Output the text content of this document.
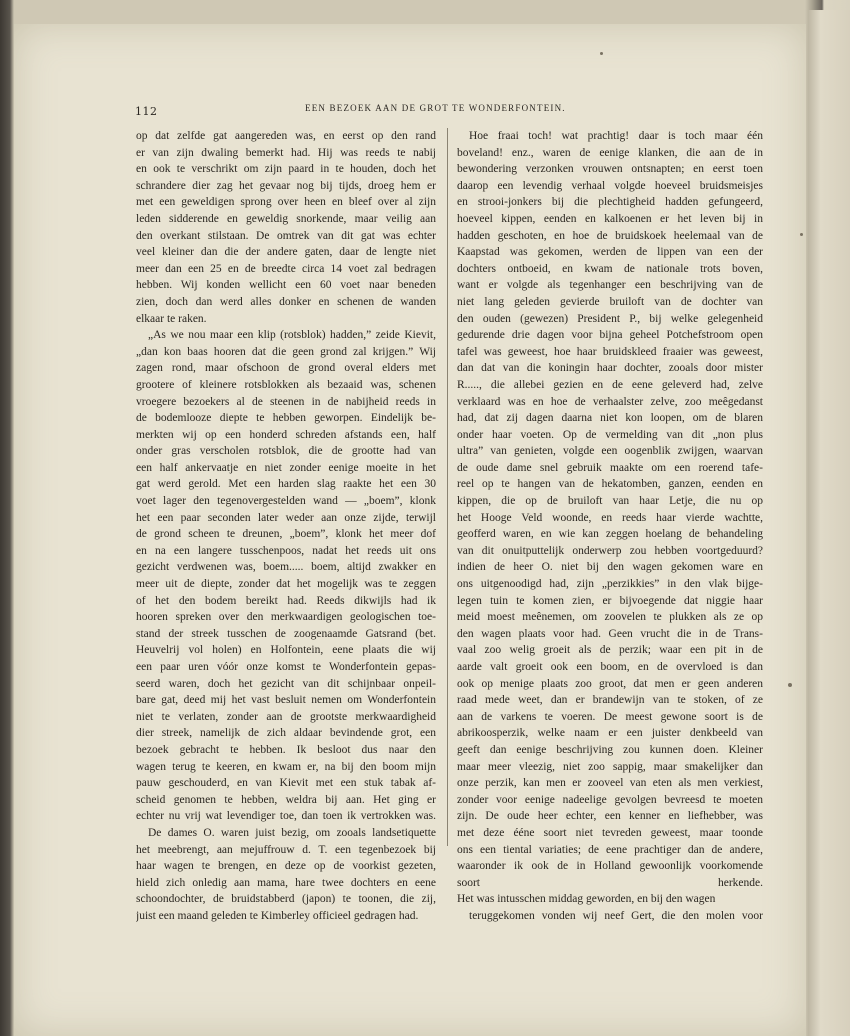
112	EEN BEZOEK AAN DE GROT TE WONDERFONTEIN.
op dat zelfde gat aangereden was, en eerst op den rand
er van zijn dwaling bemerkt had. Hij was reeds te nabij
en ook te verschrikt om zijn paard in te houden, doch het
schrandere dier zag het gevaar nog bij tijds, droeg hem er
met een geweldigen sprong over heen en bleef over al zijn
leden sidderende en geweldig snorkende, maar veilig aan
den overkant stilstaan. De omtrek van dit gat was echter
veel kleiner dan die der andere gaten, daar de lengte niet
meer dan een 25 en de breedte circa 14 voet zal bedragen
hebben. Wij konden wellicht een 60 voet naar beneden
zien, doch dan werd alles donker en schenen de wanden
elkaar te raken.
„As we nou maar een klip (rotsblok) hadden,” zeide Kievit,
„dan kon baas hooren dat die geen grond zal krijgen.” Wij
zagen rond, maar ofschoon de grond overal elders met
grootere of kleinere rotsblokken als bezaaid was, schenen
vroegere bezoekers al de steenen in de nabijheid reeds in
de bodemlooze diepte te hebben geworpen. Eindelijk be-
merkten wij op een honderd schreden afstands een, half
onder gras verscholen rotsblok, die de grootte had van
een half ankervaatje en niet zonder eenige moeite in het
gat werd gerold. Met een harden slag raakte het een 30
voet lager den tegenovergestelden wand — „boem”, klonk
het een paar seconden later weder aan onze zijde, terwijl
de grond scheen te dreunen, „boem”, klonk het meer dof
en na een langere tusschenpoos, nadat het reeds uit ons
gezicht verdwenen was, boem..... boem, altijd zwakker en
meer uit de diepte, zonder dat het mogelijk was te zeggen
of het den bodem bereikt had. Reeds dikwijls had ik
hooren spreken over den merkwaardigen geologischen toe-
stand der streek tusschen de zoogenaamde Gatsrand (bet.
Heuvelrij vol holen) en Holfontein, eene plaats die wij
een paar uren vóór onze komst te Wonderfontein gepas-
seerd waren, doch het gezicht van dit schijnbaar onpeil-
bare gat, deed mij het vast besluit nemen om Wonderfontein
niet te verlaten, zonder aan de grootste merkwaardigheid
dier streek, namelijk de zich aldaar bevindende grot, een
bezoek gebracht te hebben. Ik besloot dus naar den
wagen terug te keeren, en kwam er, na bij den boom mijn
pauw geschouderd, en van Kievit met een stuk tabak af-
scheid genomen te hebben, weldra bij aan. Het ging er
echter nu vrij wat levendiger toe, dan toen ik vertrokken was.
De dames O. waren juist bezig, om zooals landsetiquette
het meebrengt, aan mejuffrouw d. T. een tegenbezoek bij
haar wagen te brengen, en deze op de voorkist gezeten,
hield zich onledig aan mama, hare twee dochters en eene
schoondochter, de bruidstabberd (japon) te toonen, die zij,
juist een maand geleden te Kimberley officieel gedragen had.
Hoe fraai toch! wat prachtig! daar is toch maar één
boveland! enz., waren de eenige klanken, die aan de in
bewondering verzonken vrouwen ontsnapten; en eerst toen
daarop een levendig verhaal volgde hoeveel bruidsmeisjes
en strooi-jonkers bij die plechtigheid hadden gefungeerd,
hoeveel kippen, eenden en kalkoenen er het leven bij in
hadden geschoten, en hoe de bruidskoek heelemaal van de
Kaapstad was gekomen, werden de lippen van een der
dochters ontboeid, en kwam de nationale trots boven,
want er volgde als tegenhanger een beschrijving van de
niet lang geleden gevierde bruiloft van de dochter van
den ouden (gewezen) President P., bij welke gelegenheid
gedurende drie dagen voor bijna geheel Potchefstroom open
tafel was geweest, hoe haar bruidskleed fraaier was geweest,
dan dat van die koningin haar dochter, zooals door mister
R....., die allebei gezien en de eene geleverd had, zelve
verklaard was en hoe de verhaalster zelve, zoo meêgedanst
had, dat zij dagen daarna niet kon loopen, om de blaren
onder haar voeten. Op de vermelding van dit „non plus
ultra” van genieten, volgde een oogenblik zwijgen, waarvan
de oude dame snel gebruik maakte om een roerend tafe-
reel op te hangen van de hekatomben, ganzen, eenden en
kippen, die op de bruiloft van haar Letje, die nu op
het Hooge Veld woonde, en reeds haar vierde wachtte,
geofferd waren, en wie kan zeggen hoelang de behandeling
van dit onuitputtelijk onderwerp zou hebben voortgeduurd?
indien de heer O. niet bij den wagen gekomen ware en
ons uitgenoodigd had, zijn „perzikkies” in den vlak bijge-
legen tuin te komen zien, er bijvoegende dat niggie haar
meid moest meênemen, om zoovelen te plukken als ze op
den wagen plaats voor had. Geen vrucht die in de Trans-
vaal zoo welig groeit als de perzik; waar een pit in de
aarde valt groeit ook een boom, en de overvloed is dan
ook op menige plaats zoo groot, dat men er geen anderen
raad mede weet, dan er brandewijn van te stoken, of ze
aan de varkens te voeren. De meest gewone soort is de
abrikoosperzik, welke naam er een juister denkbeeld van
geeft dan eenige beschrijving zou kunnen doen. Kleiner
maar meer vleezig, niet zoo sappig, maar smakelijker dan
onze perzik, kan men er zooveel van eten als men verkiest,
zonder voor eenige nadeelige gevolgen bevreesd te moeten
zijn. De oude heer echter, een kenner en liefhebber, was
met deze ééne soort niet tevreden geweest, maar toonde
ons een tiental variaties; de eene prachtiger dan de andere,
waaronder ik ook de in Holland gewoonlijk voorkomende
soort herkende.
Het was intusschen middag geworden, en bij den wagen
teruggekomen vonden wij neef Gert, die den molen voor
